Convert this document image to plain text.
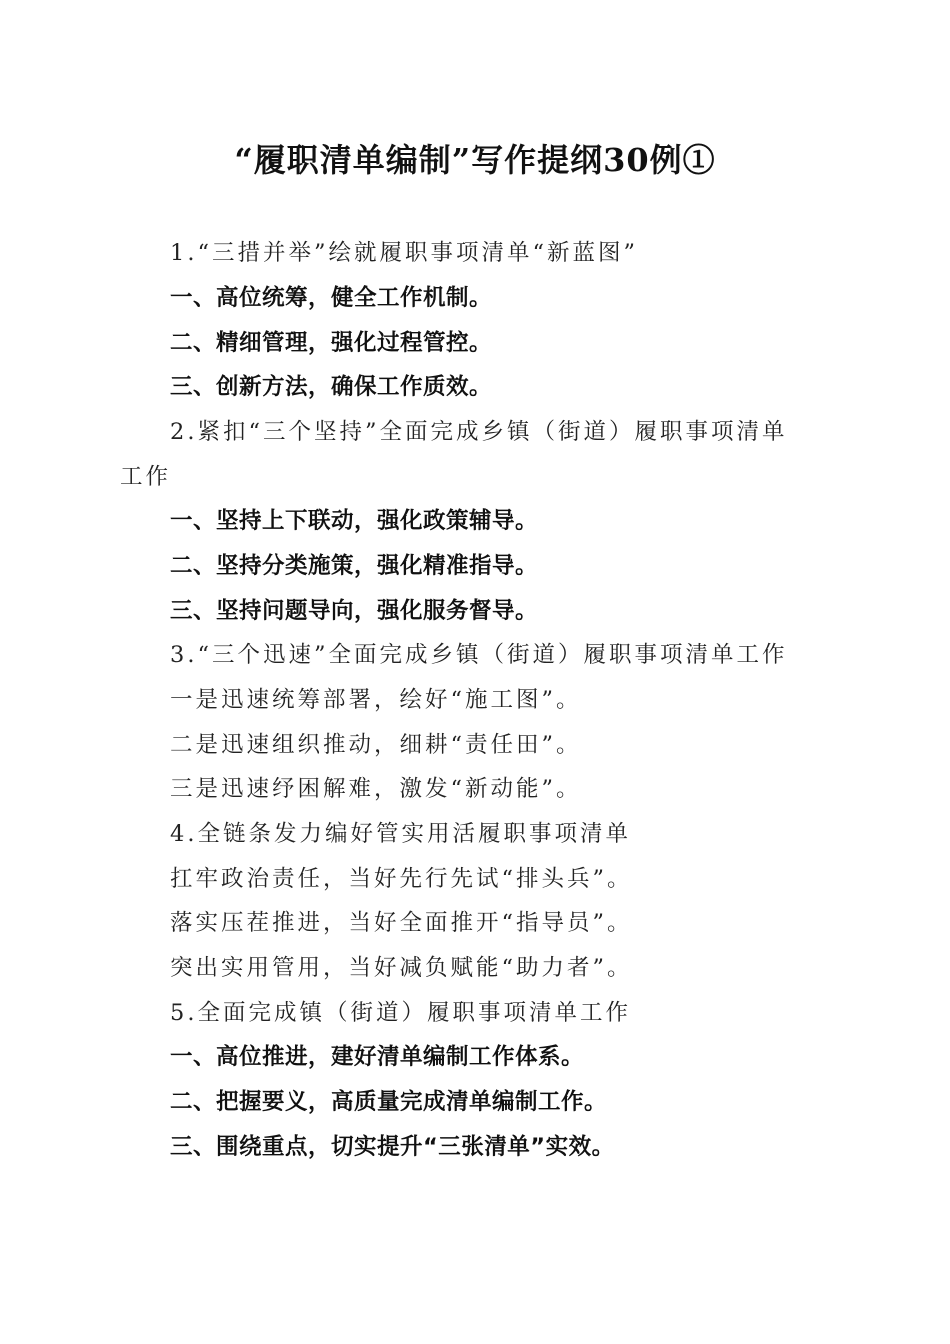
“履职清单编制”写作提纲30例①
1.“三措并举”绘就履职事项清单“新蓝图”
一、高位统筹，健全工作机制。
二、精细管理，强化过程管控。
三、创新方法，确保工作质效。
2.紧扣“三个坚持”全面完成乡镇（街道）履职事项清单
工作
一、坚持上下联动，强化政策辅导。
二、坚持分类施策，强化精准指导。
三、坚持问题导向，强化服务督导。
3.“三个迅速”全面完成乡镇（街道）履职事项清单工作
一是迅速统筹部署，绘好“施工图”。
二是迅速组织推动，细耕“责任田”。
三是迅速纾困解难，激发“新动能”。
4.全链条发力编好管实用活履职事项清单
扛牢政治责任，当好先行先试“排头兵”。
落实压茬推进，当好全面推开“指导员”。
突出实用管用，当好减负赋能“助力者”。
5.全面完成镇（街道）履职事项清单工作
一、高位推进，建好清单编制工作体系。
二、把握要义，高质量完成清单编制工作。
三、围绕重点，切实提升“三张清单”实效。
